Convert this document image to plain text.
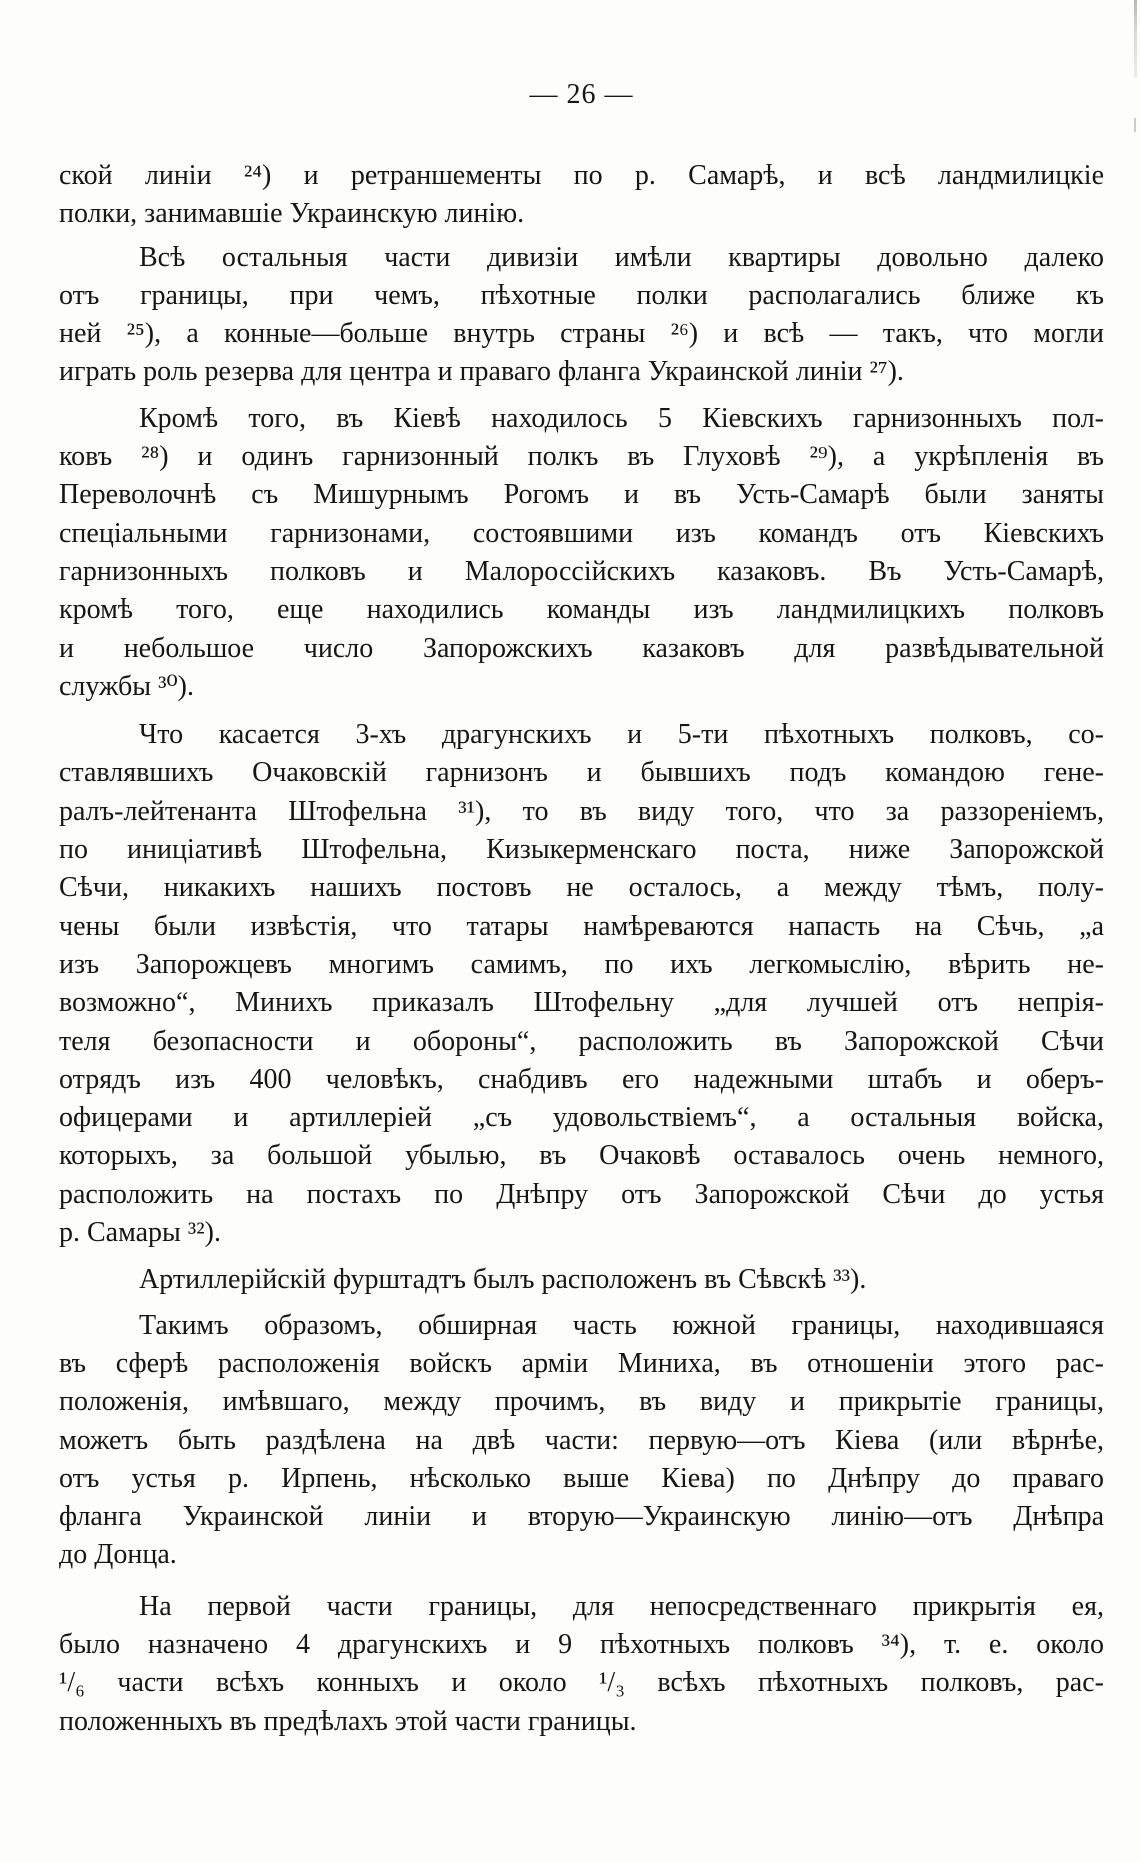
— 26 —
ской линіи ²⁴) и ретраншементы по р. Самарѣ, и всѣ ландмилицкіе
полки, занимавшіе Украинскую линію.
Всѣ остальныя части дивизіи имѣли квартиры довольно далеко
отъ границы, при чемъ, пѣхотные полки располагались ближе къ
ней ²⁵), а конные—больше внутрь страны ²⁶) и всѣ — такъ, что могли
играть роль резерва для центра и праваго фланга Украинской линіи ²⁷).
Кромѣ того, въ Кіевѣ находилось 5 Кіевскихъ гарнизонныхъ пол-
ковъ ²⁸) и одинъ гарнизонный полкъ въ Глуховѣ ²⁹), а укрѣпленія въ
Переволочнѣ съ Мишурнымъ Рогомъ и въ Усть-Самарѣ были заняты
спеціальными гарнизонами, состоявшими изъ командъ отъ Кіевскихъ
гарнизонныхъ полковъ и Малороссійскихъ казаковъ. Въ Усть-Самарѣ,
кромѣ того, еще находились команды изъ ландмилицкихъ полковъ
и небольшое число Запорожскихъ казаковъ для развѣдывательной
службы ³⁰).
Что касается 3-хъ драгунскихъ и 5-ти пѣхотныхъ полковъ, со-
ставлявшихъ Очаковскій гарнизонъ и бывшихъ подъ командою гене-
ралъ-лейтенанта Штофельна ³¹), то въ виду того, что за раззореніемъ,
по иниціативѣ Штофельна, Кизыкерменскаго поста, ниже Запорожской
Сѣчи, никакихъ нашихъ постовъ не осталось, а между тѣмъ, полу-
чены были извѣстія, что татары намѣреваются напасть на Сѣчь, „а
изъ Запорожцевъ многимъ самимъ, по ихъ легкомыслію, вѣрить не-
возможно“, Минихъ приказалъ Штофельну „для лучшей отъ непрія-
теля безопасности и обороны“, расположить въ Запорожской Сѣчи
отрядъ изъ 400 человѣкъ, снабдивъ его надежными штабъ и оберъ-
офицерами и артиллеріей „съ удовольствіемъ“, а остальныя войска,
которыхъ, за большой убылью, въ Очаковѣ оставалось очень немного,
расположить на постахъ по Днѣпру отъ Запорожской Сѣчи до устья
р. Самары ³²).
Артиллерійскій фурштадтъ былъ расположенъ въ Сѣвскѣ ³³).
Такимъ образомъ, обширная часть южной границы, находившаяся
въ сферѣ расположенія войскъ арміи Миниха, въ отношеніи этого рас-
положенія, имѣвшаго, между прочимъ, въ виду и прикрытіе границы,
можетъ быть раздѣлена на двѣ части: первую—отъ Кіева (или вѣрнѣе,
отъ устья р. Ирпень, нѣсколько выше Кіева) по Днѣпру до праваго
фланга Украинской линіи и вторую—Украинскую линію—отъ Днѣпра
до Донца.
На первой части границы, для непосредственнаго прикрытія ея,
было назначено 4 драгунскихъ и 9 пѣхотныхъ полковъ ³⁴), т. е. около
¹/₆ части всѣхъ конныхъ и около ¹/₃ всѣхъ пѣхотныхъ полковъ, рас-
положенныхъ въ предѣлахъ этой части границы.
